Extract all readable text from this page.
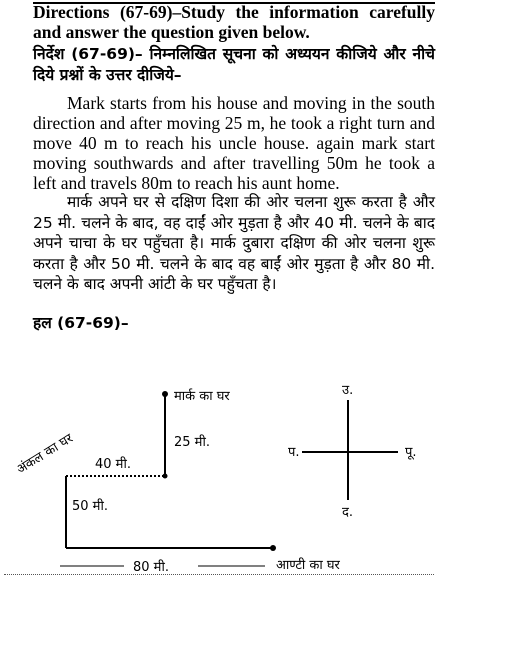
Directions (67-69)–Study the information carefully and answer the question given below.

निर्देश (67-69)– निम्नलिखित सूचना को अध्ययन कीजिये और नीचे दिये प्रश्नों के उत्तर दीजिये–

Mark starts from his house and moving in the south direction and after moving 25 m, he took a right turn and move 40 m to reach his uncle house. again mark start moving southwards and after travelling 50m he took a left and travels 80m to reach his aunt home.

मार्क अपने घर से दक्षिण दिशा की ओर चलना शुरू करता है और 25 मी. चलने के बाद, वह दाईं ओर मुड़ता है और 40 मी. चलने के बाद अपने चाचा के घर पहुँचता है। मार्क दुबारा दक्षिण की ओर चलना शुरू करता है और 50 मी. चलने के बाद वह बाईं ओर मुड़ता है और 80 मी. चलने के बाद अपनी आंटी के घर पहुँचता है।

हल (67-69)–

मार्क का घर
25 मी.
40 मी.
50 मी.
80 मी.	आण्टी का घर
अंकल का घर
उ.
द.
प.	पू.
